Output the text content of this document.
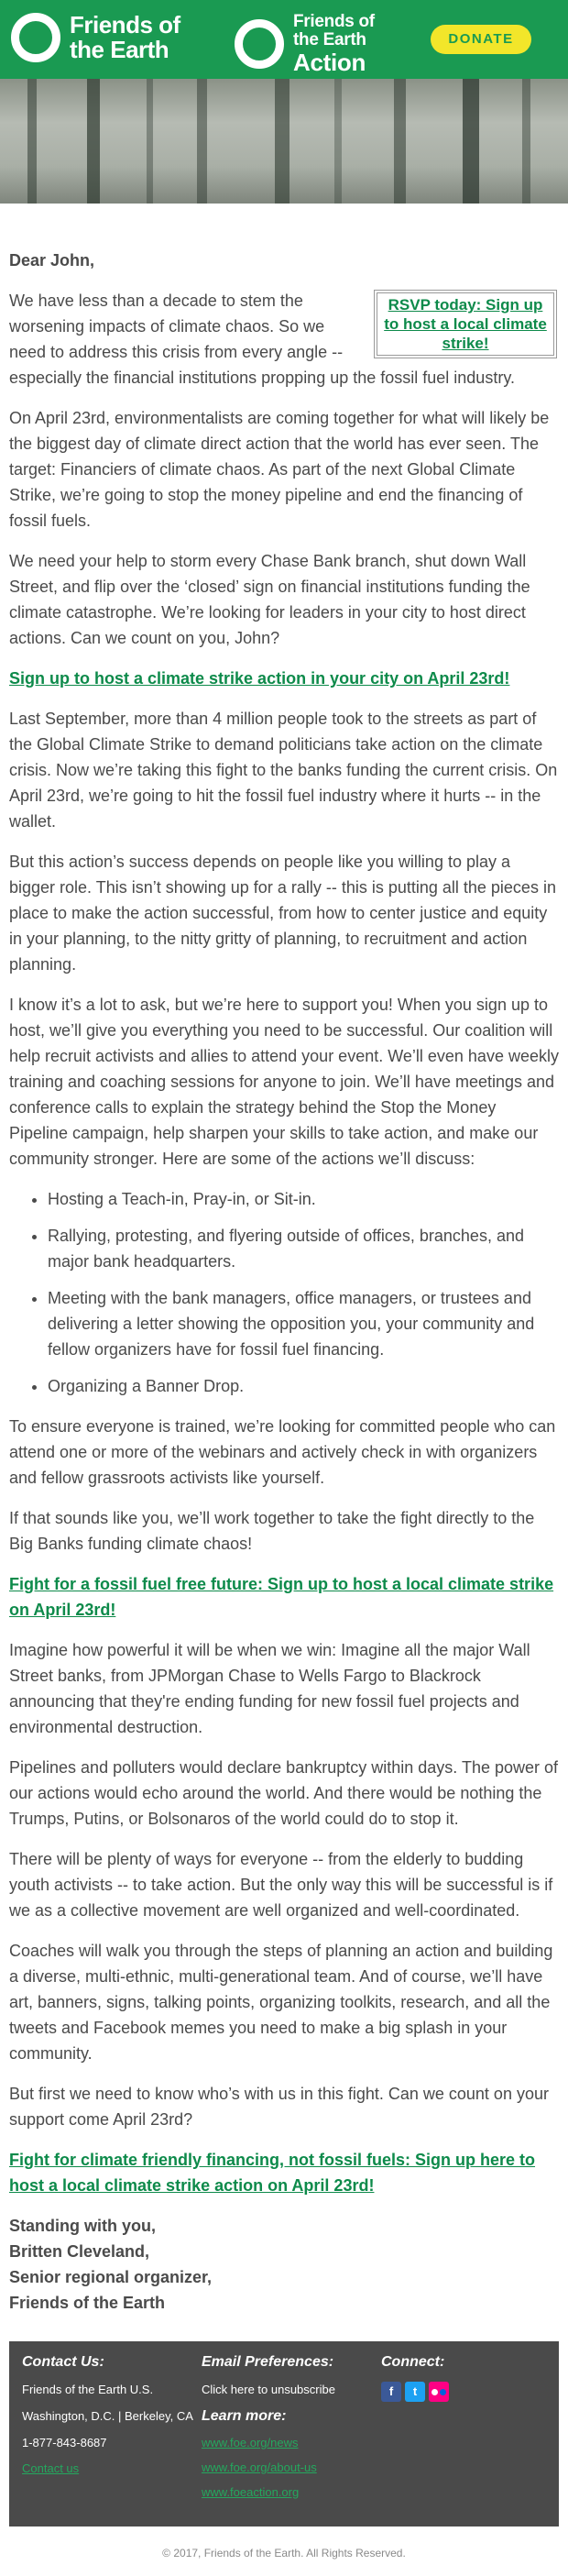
Friends of
the Earth
Friends of
the Earth
Action
DONATE

Dear John,

RSVP today: Sign up to host a local climate strike!

We have less than a decade to stem the worsening impacts of climate chaos. So we need to address this crisis from every angle -- especially the financial institutions propping up the fossil fuel industry.

On April 23rd, environmentalists are coming together for what will likely be the biggest day of climate direct action that the world has ever seen. The target: Financiers of climate chaos. As part of the next Global Climate Strike, we’re going to stop the money pipeline and end the financing of fossil fuels.

We need your help to storm every Chase Bank branch, shut down Wall Street, and flip over the ‘closed’ sign on financial institutions funding the climate catastrophe. We’re looking for leaders in your city to host direct actions. Can we count on you, John?

Sign up to host a climate strike action in your city on April 23rd!

Last September, more than 4 million people took to the streets as part of the Global Climate Strike to demand politicians take action on the climate crisis. Now we’re taking this fight to the banks funding the current crisis. On April 23rd, we’re going to hit the fossil fuel industry where it hurts -- in the wallet.

But this action’s success depends on people like you willing to play a bigger role. This isn’t showing up for a rally -- this is putting all the pieces in place to make the action successful, from how to center justice and equity in your planning, to the nitty gritty of planning, to recruitment and action planning.

I know it’s a lot to ask, but we’re here to support you! When you sign up to host, we’ll give you everything you need to be successful. Our coalition will help recruit activists and allies to attend your event. We’ll even have weekly training and coaching sessions for anyone to join. We’ll have meetings and conference calls to explain the strategy behind the Stop the Money Pipeline campaign, help sharpen your skills to take action, and make our community stronger. Here are some of the actions we’ll discuss:

• Hosting a Teach-in, Pray-in, or Sit-in.
• Rallying, protesting, and flyering outside of offices, branches, and major bank headquarters.
• Meeting with the bank managers, office managers, or trustees and delivering a letter showing the opposition you, your community and fellow organizers have for fossil fuel financing.
• Organizing a Banner Drop.

To ensure everyone is trained, we’re looking for committed people who can attend one or more of the webinars and actively check in with organizers and fellow grassroots activists like yourself.

If that sounds like you, we’ll work together to take the fight directly to the Big Banks funding climate chaos!

Fight for a fossil fuel free future: Sign up to host a local climate strike on April 23rd!

Imagine how powerful it will be when we win: Imagine all the major Wall Street banks, from JPMorgan Chase to Wells Fargo to Blackrock announcing that they're ending funding for new fossil fuel projects and environmental destruction.

Pipelines and polluters would declare bankruptcy within days. The power of our actions would echo around the world. And there would be nothing the Trumps, Putins, or Bolsonaros of the world could do to stop it.

There will be plenty of ways for everyone -- from the elderly to budding youth activists -- to take action. But the only way this will be successful is if we as a collective movement are well organized and well-coordinated.

Coaches will walk you through the steps of planning an action and building a diverse, multi-ethnic, multi-generational team. And of course, we’ll have art, banners, signs, talking points, organizing toolkits, research, and all the tweets and Facebook memes you need to make a big splash in your community.

But first we need to know who’s with us in this fight. Can we count on your support come April 23rd?

Fight for climate friendly financing, not fossil fuels: Sign up here to host a local climate strike action on April 23rd!
Standing with you,
Britten Cleveland,
Senior regional organizer,
Friends of the Earth
Contact Us:
Friends of the Earth U.S.
Washington, D.C. | Berkeley, CA
1-877-843-8687
Contact us
Email Preferences:
Click here to unsubscribe
Learn more:
www.foe.org/news
www.foe.org/about-us
www.foeaction.org
Connect:
f	t
© 2017, Friends of the Earth. All Rights Reserved.
